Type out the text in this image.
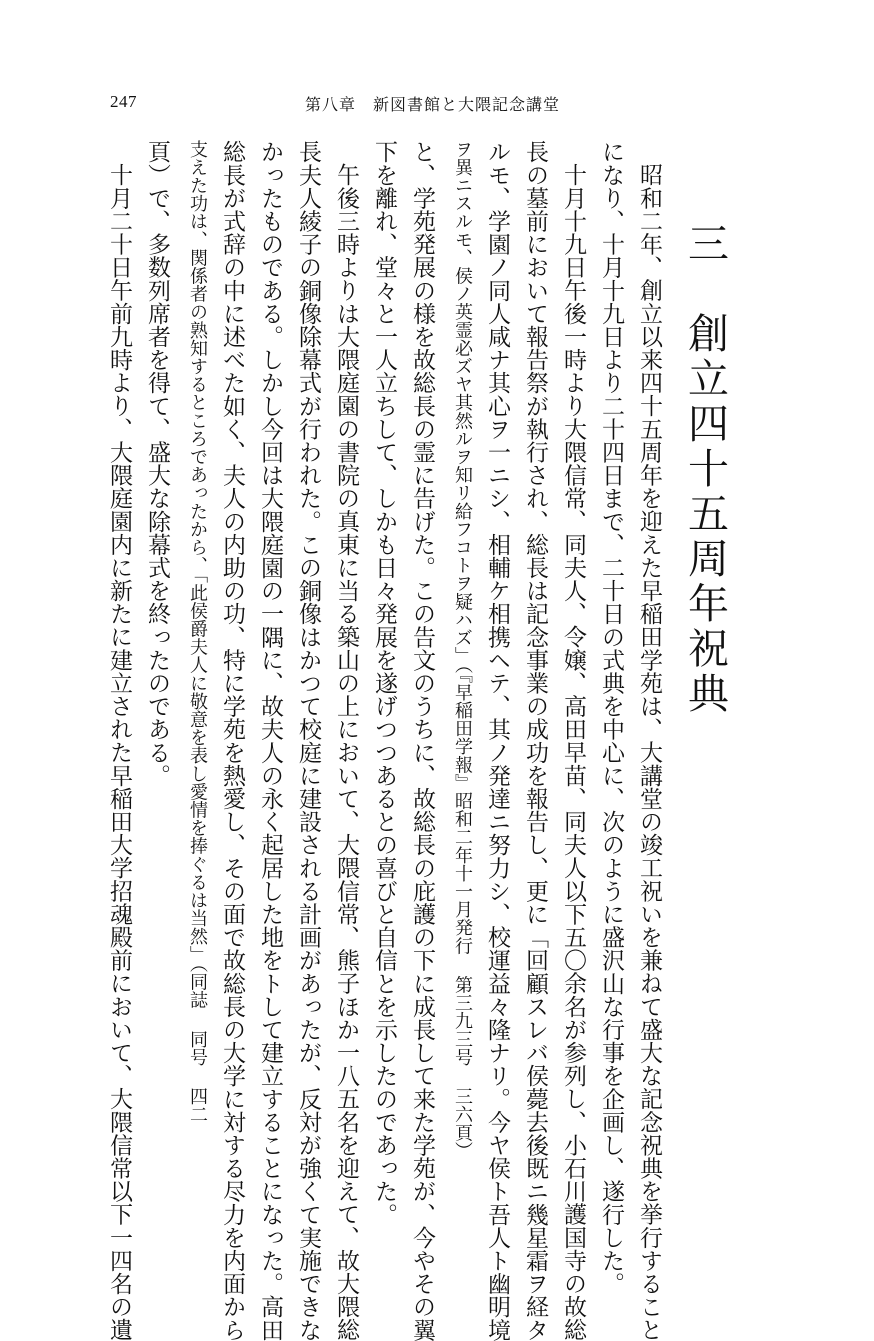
247	第八章　新図書館と大隈記念講堂
三　創立四十五周年祝典
昭和二年、創立以来四十五周年を迎えた早稲田学苑は、大講堂の竣工祝いを兼ねて盛大な記念祝典を挙行すること
になり、十月十九日より二十四日まで、二十日の式典を中心に、次のように盛沢山な行事を企画し、遂行した。
十月十九日午後一時より大隈信常、同夫人、令嬢、高田早苗、同夫人以下五〇余名が参列し、小石川護国寺の故総
長の墓前において報告祭が執行され、総長は記念事業の成功を報告し、更に「回顧スレバ侯薨去後既ニ幾星霜ヲ経タ
ルモ、学園ノ同人咸ナ其心ヲ一ニシ、相輔ケ相携ヘテ、其ノ発達ニ努力シ、校運益々隆ナリ。今ヤ侯ト吾人ト幽明境
ヲ異ニスルモ、侯ノ英霊必ズヤ其然ルヲ知リ給フコトヲ疑ハズ」（『早稲田学報』昭和二年十一月発行 第三九三号 三六頁）
と、学苑発展の様を故総長の霊に告げた。この告文のうちに、故総長の庇護の下に成長して来た学苑が、今やその翼
下を離れ、堂々と一人立ちして、しかも日々発展を遂げつつあるとの喜びと自信とを示したのであった。
午後三時よりは大隈庭園の書院の真東に当る築山の上において、大隈信常、熊子ほか一八五名を迎えて、故大隈総
長夫人綾子の銅像除幕式が行われた。この銅像はかつて校庭に建設される計画があったが、反対が強くて実施できな
かったものである。しかし今回は大隈庭園の一隅に、故夫人の永く起居した地をトして建立することになった。高田
総長が式辞の中に述べた如く、夫人の内助の功、特に学苑を熱愛し、その面で故総長の大学に対する尽力を内面から
支えた功は、関係者の熟知するところであったから、「此侯爵夫人に敬意を表し愛情を捧ぐるは当然」（同誌 同号 四二
頁）で、多数列席者を得て、盛大な除幕式を終ったのである。
十月二十日午前九時より、大隈庭園内に新たに建立された早稲田大学招魂殿前において、大隈信常以下一四名の遺
